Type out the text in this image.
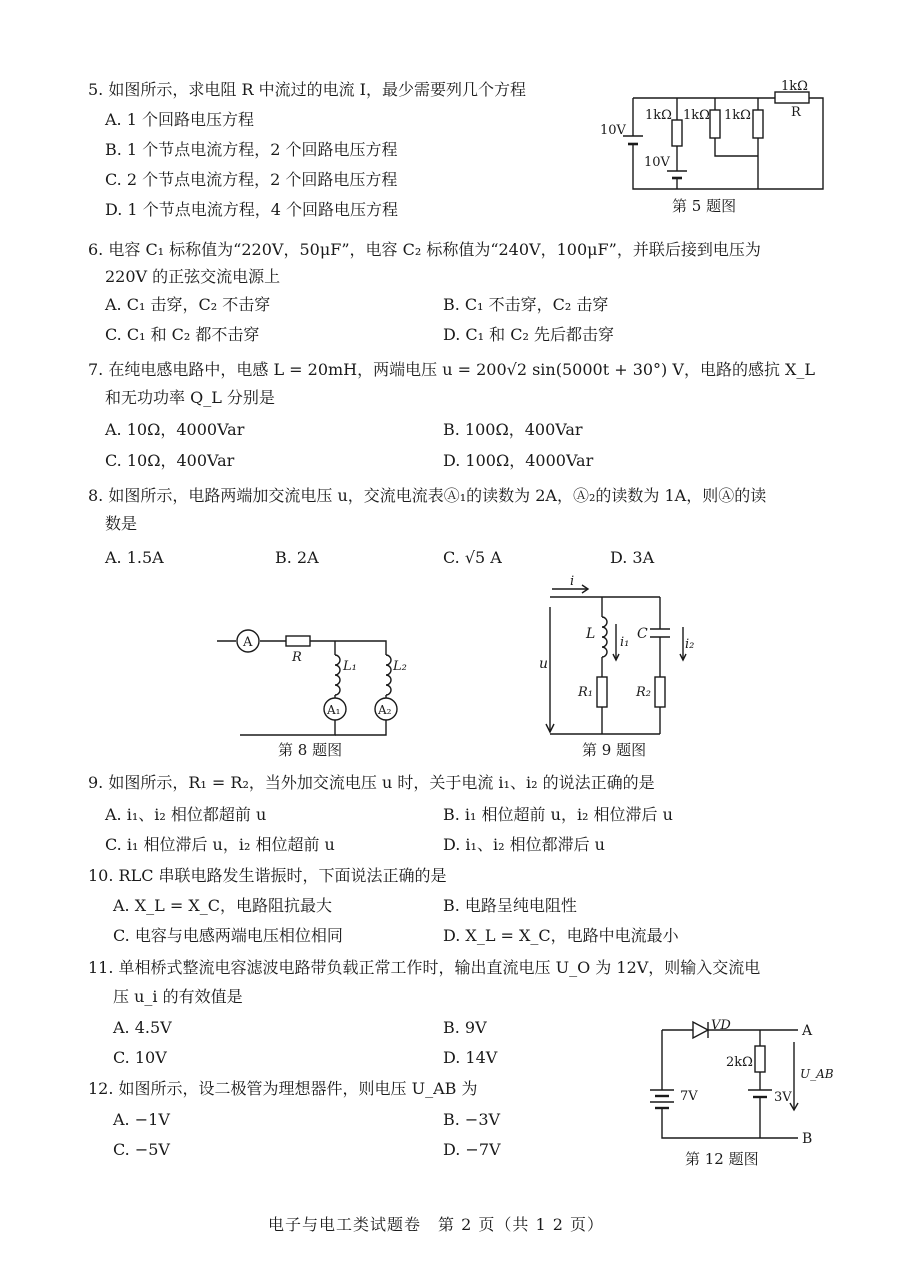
5. 如图所示，求电阻 R 中流过的电流 I，最少需要列几个方程
A. 1 个回路电压方程
B. 1 个节点电流方程，2 个回路电压方程
C. 2 个节点电流方程，2 个回路电压方程
D. 1 个节点电流方程，4 个回路电压方程
1kΩ
R
1kΩ 1kΩ 1kΩ
10V
10V
第 5 题图
6. 电容 C₁ 标称值为“220V，50μF”，电容 C₂ 标称值为“240V，100μF”，并联后接到电压为
220V 的正弦交流电源上
A. C₁ 击穿，C₂ 不击穿	B. C₁ 不击穿，C₂ 击穿
C. C₁ 和 C₂ 都不击穿	D. C₁ 和 C₂ 先后都击穿
7. 在纯电感电路中，电感 L = 20mH，两端电压 u = 200√2 sin(5000t + 30°) V，电路的感抗 X_L
和无功功率 Q_L 分别是
A. 10Ω，4000Var	B. 100Ω，400Var
C. 10Ω，400Var	D. 100Ω，4000Var
8. 如图所示，电路两端加交流电压 u，交流电流表Ⓐ₁的读数为 2A，Ⓐ₂的读数为 1A，则Ⓐ的读
数是
A. 1.5A	B. 2A	C. √5 A	D. 3A
A
R
L₁	L₂
A₁	A₂
第 8 题图
i
u
L
i₁
C
i₂
R₁	R₂
第 9 题图
9. 如图所示，R₁ = R₂，当外加交流电压 u 时，关于电流 i₁、i₂ 的说法正确的是
A. i₁、i₂ 相位都超前 u	B. i₁ 相位超前 u，i₂ 相位滞后 u
C. i₁ 相位滞后 u，i₂ 相位超前 u	D. i₁、i₂ 相位都滞后 u
10. RLC 串联电路发生谐振时，下面说法正确的是
A. X_L = X_C，电路阻抗最大	B. 电路呈纯电阻性
C. 电容与电感两端电压相位相同	D. X_L = X_C，电路中电流最小
11. 单相桥式整流电容滤波电路带负载正常工作时，输出直流电压 U_O 为 12V，则输入交流电
压 u_i 的有效值是
A. 4.5V	B. 9V
C. 10V	D. 14V
12. 如图所示，设二极管为理想器件，则电压 U_AB 为
A. −1V	B. −3V
C. −5V	D. −7V
VD	A
B
2kΩ
U_AB
7V	3V
第 12 题图
电子与电工类试题卷　第 2 页（共 1 2 页）
